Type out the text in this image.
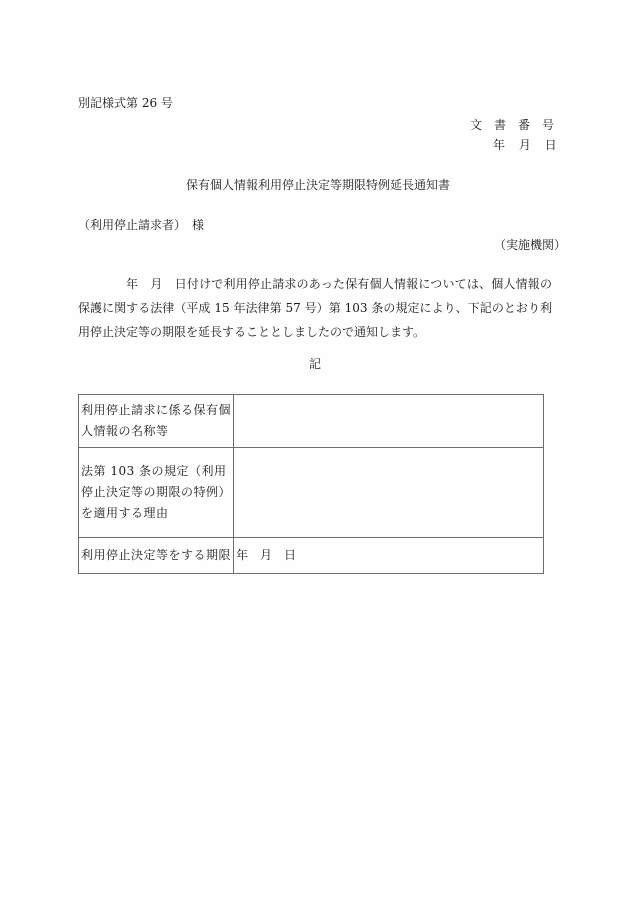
別記様式第 26 号
文書番号
年 月 日
保有個人情報利用停止決定等期限特例延長通知書
（利用停止請求者）　様
（実施機関）
年　月　日付けで利用停止請求のあった保有個人情報については、個人情報の保護に関する法律（平成 15 年法律第 57 号）第 103 条の規定により、下記のとおり利用停止決定等の期限を延長することとしましたので通知します。
記
利用停止請求に係る保有個人情報の名称等	
法第 103 条の規定（利用停止決定等の期限の特例）を適用する理由	
利用停止決定等をする期限	年　月　日
